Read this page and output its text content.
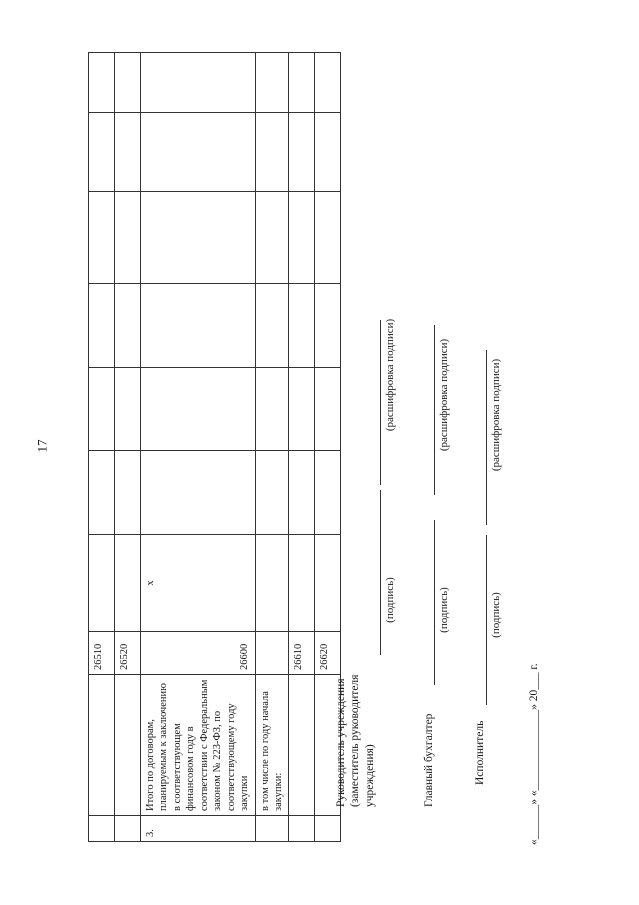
17
		26510							
		26520							
3.	Итого по договорам, планируемым к заключению в соответствующем финансовом году в соответствии с Федеральным законом № 223-ФЗ, по соответствующему году закупки	26600	x						
	в том числе по году начала закупки:								
		26610							
		26620							
Руководитель учреждения (заместитель руководителя учреждения)
(подпись)
(расшифровка подписи)
Главный бухгалтер
(подпись)
(расшифровка подписи)
Исполнитель
(подпись)
(расшифровка подписи)
«______» «______________» 20___ г.
